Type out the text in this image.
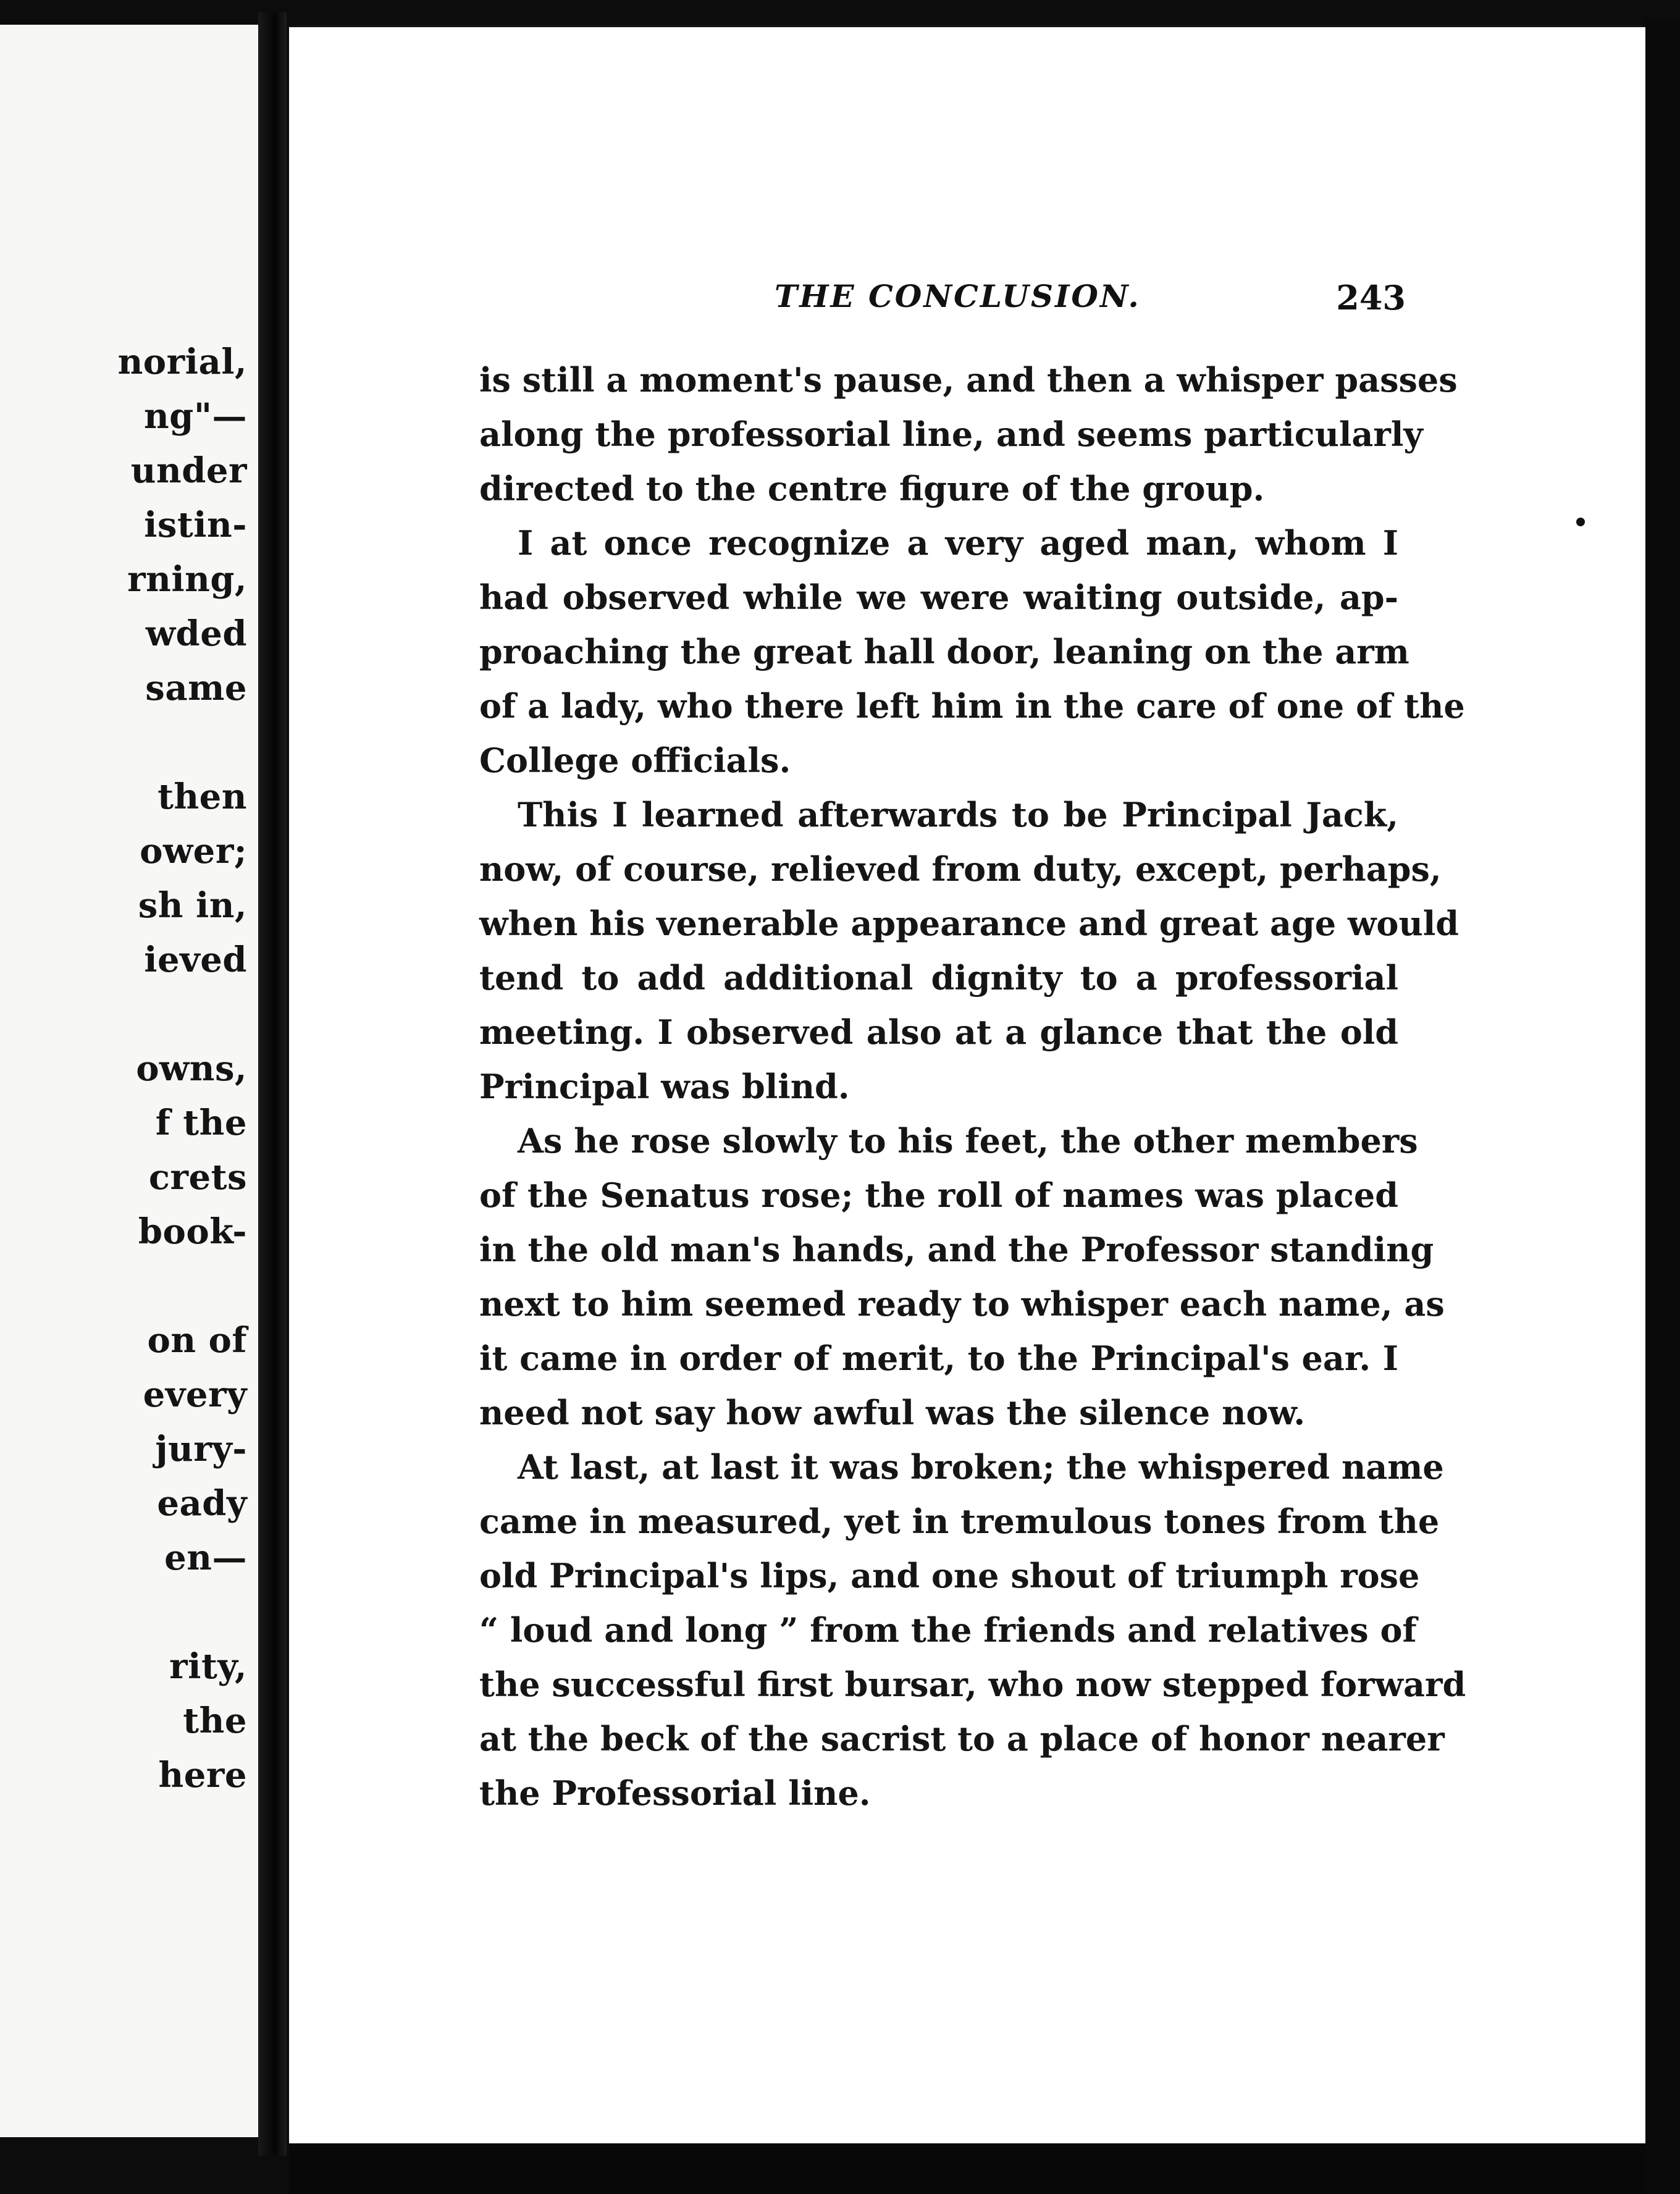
norial,
ng"—
under
istin-
rning,
wded
same
then
ower;
sh in,
ieved
owns,
f the
crets
book-
on of
every
jury-
eady
en—
rity,
the
here
THE CONCLUSION.	243
is still a moment's pause, and then a whisper passes
along the professorial line, and seems particularly
directed to the centre figure of the group.
I at once recognize a very aged man, whom I
had observed while we were waiting outside, ap-
proaching the great hall door, leaning on the arm
of a lady, who there left him in the care of one of the
College officials.
This I learned afterwards to be Principal Jack,
now, of course, relieved from duty, except, perhaps,
when his venerable appearance and great age would
tend to add additional dignity to a professorial
meeting. I observed also at a glance that the old
Principal was blind.
As he rose slowly to his feet, the other members
of the Senatus rose; the roll of names was placed
in the old man's hands, and the Professor standing
next to him seemed ready to whisper each name, as
it came in order of merit, to the Principal's ear. I
need not say how awful was the silence now.
At last, at last it was broken; the whispered name
came in measured, yet in tremulous tones from the
old Principal's lips, and one shout of triumph rose
“ loud and long ” from the friends and relatives of
the successful first bursar, who now stepped forward
at the beck of the sacrist to a place of honor nearer
the Professorial line.
